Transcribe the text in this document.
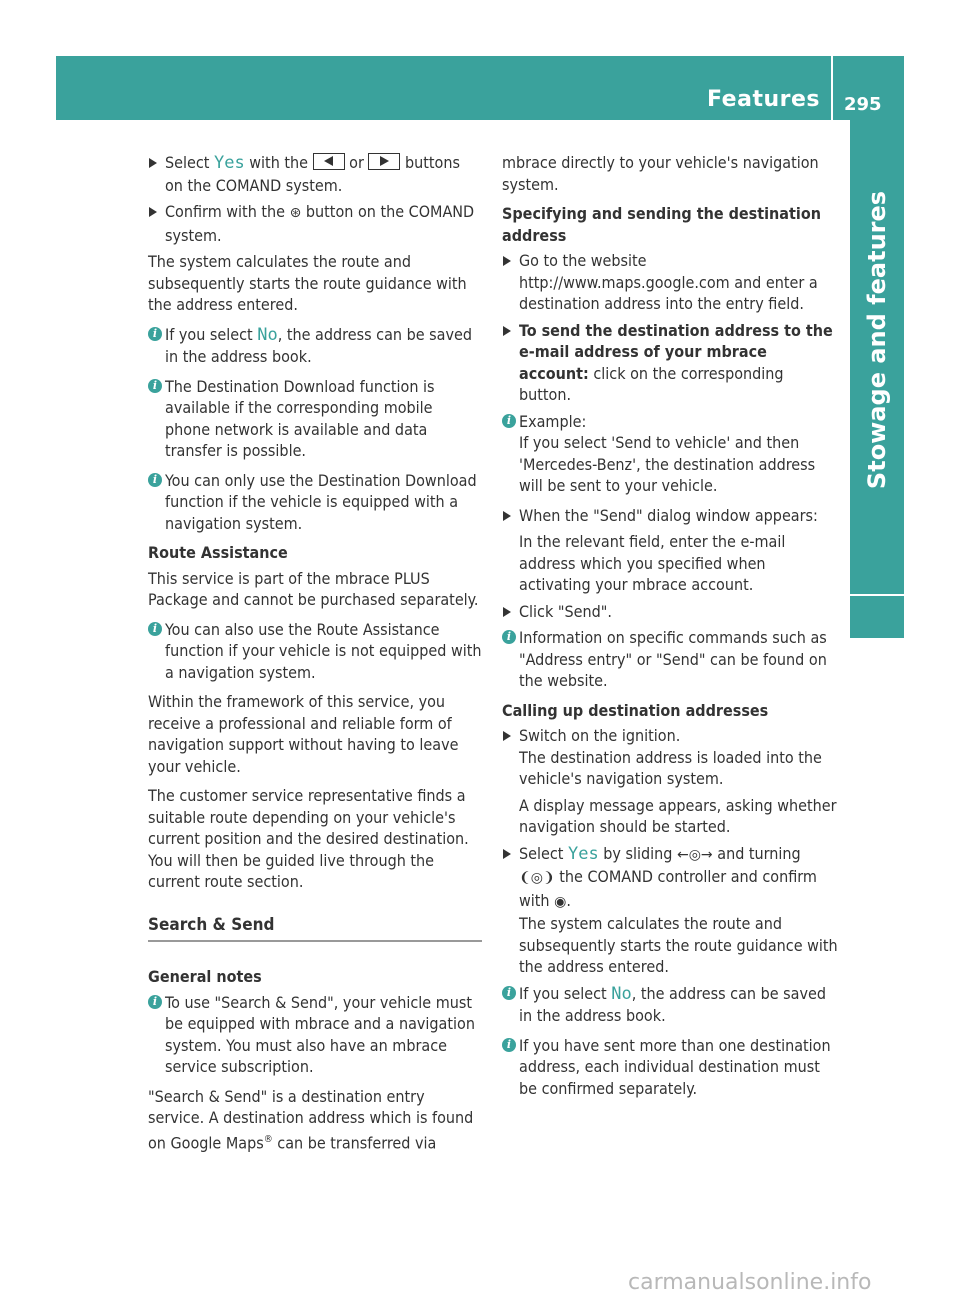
Features 295
Stowage and features
Select Yes with the  or  buttons on the COMAND system.
Confirm with the ⊛ button on the COMAND system.

The system calculates the route and subsequently starts the route guidance with the address entered.

i If you select No, the address can be saved in the address book.
i The Destination Download function is available if the corresponding mobile phone network is available and data transfer is possible.
i You can only use the Destination Download function if the vehicle is equipped with a navigation system.
Route Assistance

This service is part of the mbrace PLUS Package and cannot be purchased separately.

i You can also use the Route Assistance function if your vehicle is not equipped with a navigation system.

Within the framework of this service, you receive a professional and reliable form of navigation support without having to leave your vehicle.

The customer service representative finds a suitable route depending on your vehicle's current position and the desired destination. You will then be guided live through the current route section.

Search & Send
General notes
i To use "Search & Send", your vehicle must be equipped with mbrace and a navigation system. You must also have an mbrace service subscription.

"Search & Send" is a destination entry service. A destination address which is found on Google Maps® can be transferred via

mbrace directly to your vehicle's navigation system.

Specifying and sending the destination address
Go to the website http://www.maps.google.com and enter a destination address into the entry field.
To send the destination address to the e-mail address of your mbrace account: click on the corresponding button.
i Example:
If you select 'Send to vehicle' and then 'Mercedes-Benz', the destination address will be sent to your vehicle.
When the "Send" dialog window appears:
In the relevant field, enter the e-mail address which you specified when activating your mbrace account.
Click "Send".
i Information on specific commands such as "Address entry" or "Send" can be found on the website.
Calling up destination addresses
Switch on the ignition.
The destination address is loaded into the vehicle's navigation system.
A display message appears, asking whether navigation should be started.
Select Yes by sliding ←◎→ and turning ❨◎❩ the COMAND controller and confirm with ◉.
The system calculates the route and subsequently starts the route guidance with the address entered.
i If you select No, the address can be saved in the address book.
i If you have sent more than one destination address, each individual destination must be confirmed separately.
carmanualsonline.info
